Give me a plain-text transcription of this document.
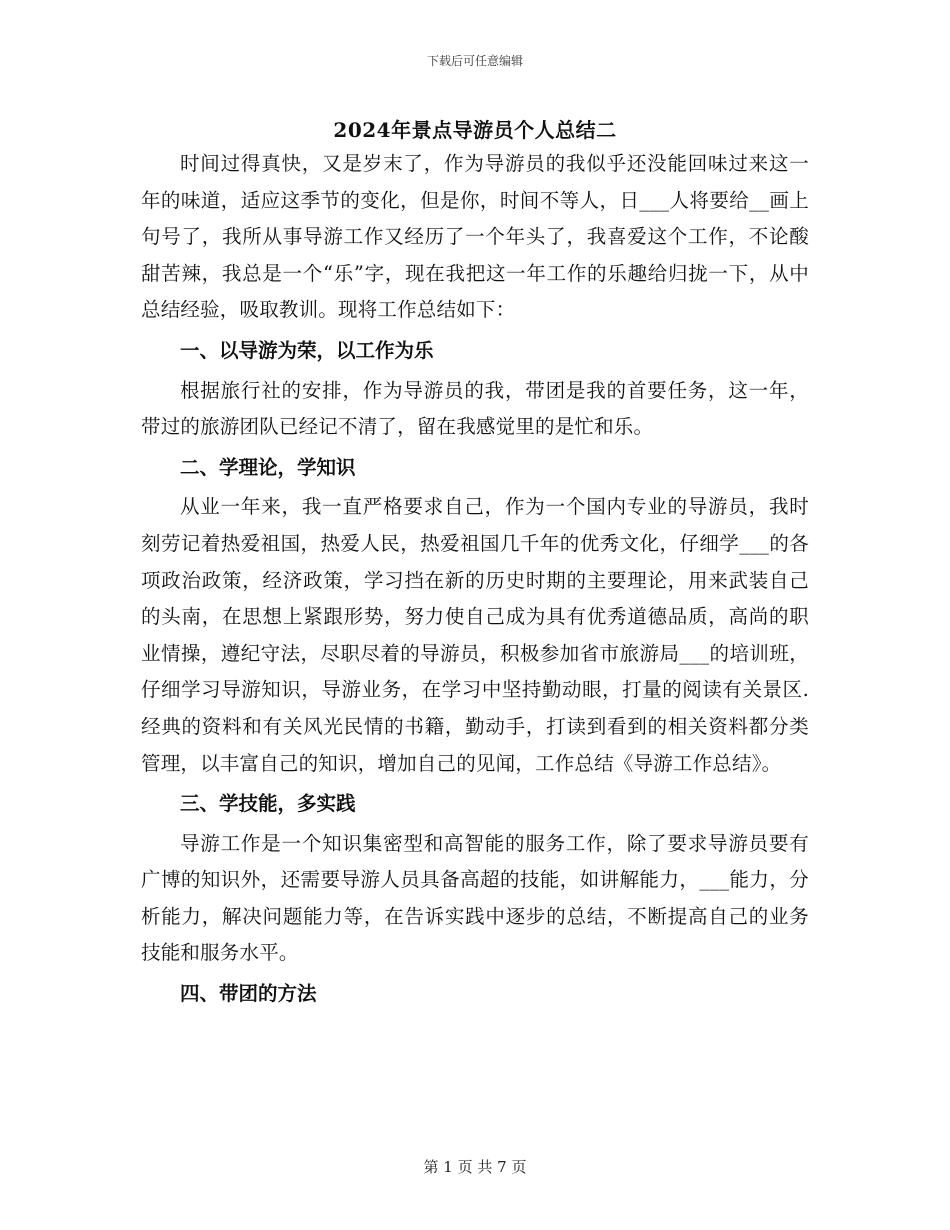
下载后可任意编辑
2024年景点导游员个人总结二

时间过得真快，又是岁末了，作为导游员的我似乎还没能回味过来这一年的味道，适应这季节的变化，但是你，时间不等人，日___人将要给__画上句号了，我所从事导游工作又经历了一个年头了，我喜爱这个工作，不论酸甜苦辣，我总是一个“乐”字，现在我把这一年工作的乐趣给归拢一下，从中总结经验，吸取教训。现将工作总结如下：

一、以导游为荣，以工作为乐

根据旅行社的安排，作为导游员的我，带团是我的首要任务，这一年，带过的旅游团队已经记不清了，留在我感觉里的是忙和乐。

二、学理论，学知识

从业一年来，我一直严格要求自己，作为一个国内专业的导游员，我时刻劳记着热爱祖国，热爱人民，热爱祖国几千年的优秀文化，仔细学___的各项政治政策，经济政策，学习挡在新的历史时期的主要理论，用来武装自己的头南，在思想上紧跟形势，努力使自己成为具有优秀道德品质，高尚的职业情操，遵纪守法，尽职尽着的导游员，积极参加省市旅游局___的培训班，仔细学习导游知识，导游业务，在学习中坚持勤动眼，打量的阅读有关景区.经典的资料和有关风光民情的书籍，勤动手，打读到看到的相关资料都分类管理，以丰富自己的知识，增加自己的见闻，工作总结《导游工作总结》。

三、学技能，多实践

导游工作是一个知识集密型和高智能的服务工作，除了要求导游员要有广博的知识外，还需要导游人员具备高超的技能，如讲解能力，___能力，分析能力，解决问题能力等，在告诉实践中逐步的总结，不断提高自己的业务技能和服务水平。

四、带团的方法

第 1 页 共 7 页
